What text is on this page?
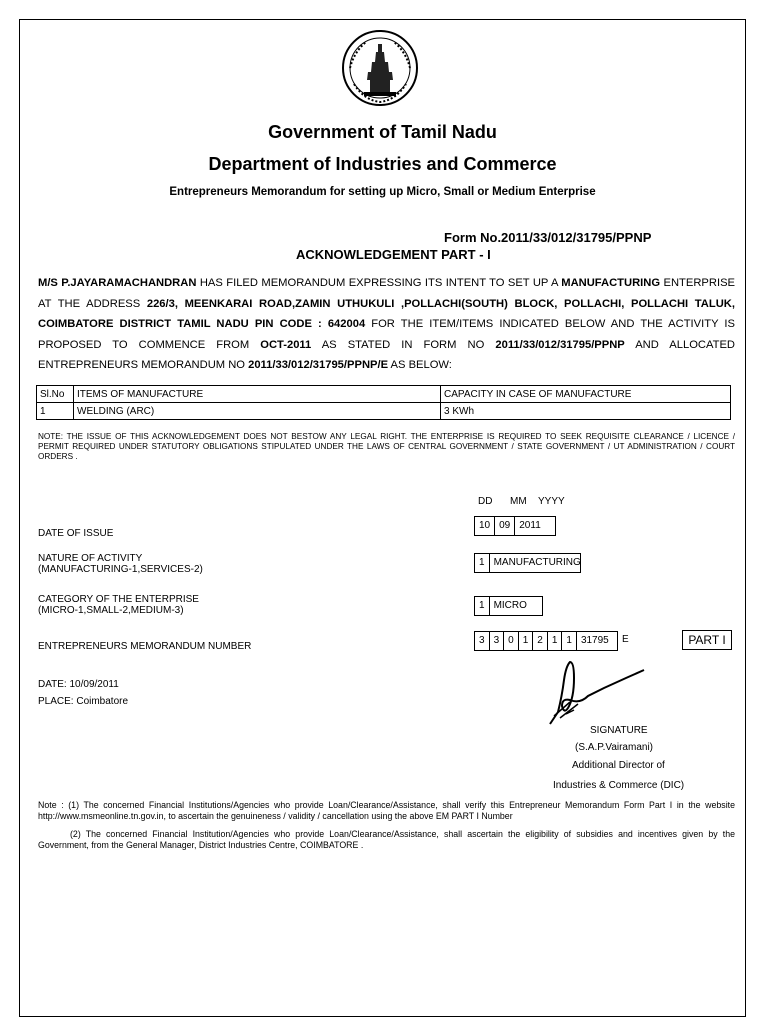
Government of Tamil Nadu
Department of Industries and Commerce
Entrepreneurs Memorandum for setting up Micro, Small or Medium Enterprise
Form No.2011/33/012/31795/PPNP
ACKNOWLEDGEMENT PART - I
M/S P.JAYARAMACHANDRAN HAS FILED MEMORANDUM EXPRESSING ITS INTENT TO SET UP A MANUFACTURING ENTERPRISE AT THE ADDRESS 226/3, MEENKARAI ROAD,ZAMIN UTHUKULI ,POLLACHI(SOUTH) BLOCK, POLLACHI, POLLACHI TALUK, COIMBATORE DISTRICT TAMIL NADU PIN CODE : 642004 FOR THE ITEM/ITEMS INDICATED BELOW AND THE ACTIVITY IS PROPOSED TO COMMENCE FROM OCT-2011 AS STATED IN FORM NO 2011/33/012/31795/PPNP AND ALLOCATED ENTREPRENEURS MEMORANDUM NO 2011/33/012/31795/PPNP/E AS BELOW:
Sl.No	ITEMS OF MANUFACTURE	CAPACITY IN CASE OF MANUFACTURE
1	WELDING (ARC)	3 KWh
NOTE: THE ISSUE OF THIS ACKNOWLEDGEMENT DOES NOT BESTOW ANY LEGAL RIGHT. THE ENTERPRISE IS REQUIRED TO SEEK REQUISITE CLEARANCE / LICENCE / PERMIT REQUIRED UNDER STATUTORY OBLIGATIONS STIPULATED UNDER THE LAWS OF CENTRAL GOVERNMENT / STATE GOVERNMENT / UT ADMINISTRATION / COURT ORDERS .
DD MM YYYY
DATE OF ISSUE
10 09 2011
NATURE OF ACTIVITY
(MANUFACTURING-1,SERVICES-2)
1 MANUFACTURING
CATEGORY OF THE ENTERPRISE
(MICRO-1,SMALL-2,MEDIUM-3)	1 MICRO
ENTREPRENEURS MEMORANDUM NUMBER
3 3 0 1 2 1 1 31795	E	PART I
DATE: 10/09/2011
PLACE: Coimbatore
SIGNATURE
(S.A.P.Vairamani)
Additional Director of
Industries & Commerce (DIC)
Note : (1) The concerned Financial Institutions/Agencies who provide Loan/Clearance/Assistance, shall verify this Entrepreneur Memorandum Form Part I in the website http://www.msmeonline.tn.gov.in, to ascertain the genuineness / validity / cancellation using the above EM PART I Number
(2) The concerned Financial Institution/Agencies who provide Loan/Clearance/Assistance, shall ascertain the eligibility of subsidies and incentives given by the Government, from the General Manager, District Industries Centre, COIMBATORE .
